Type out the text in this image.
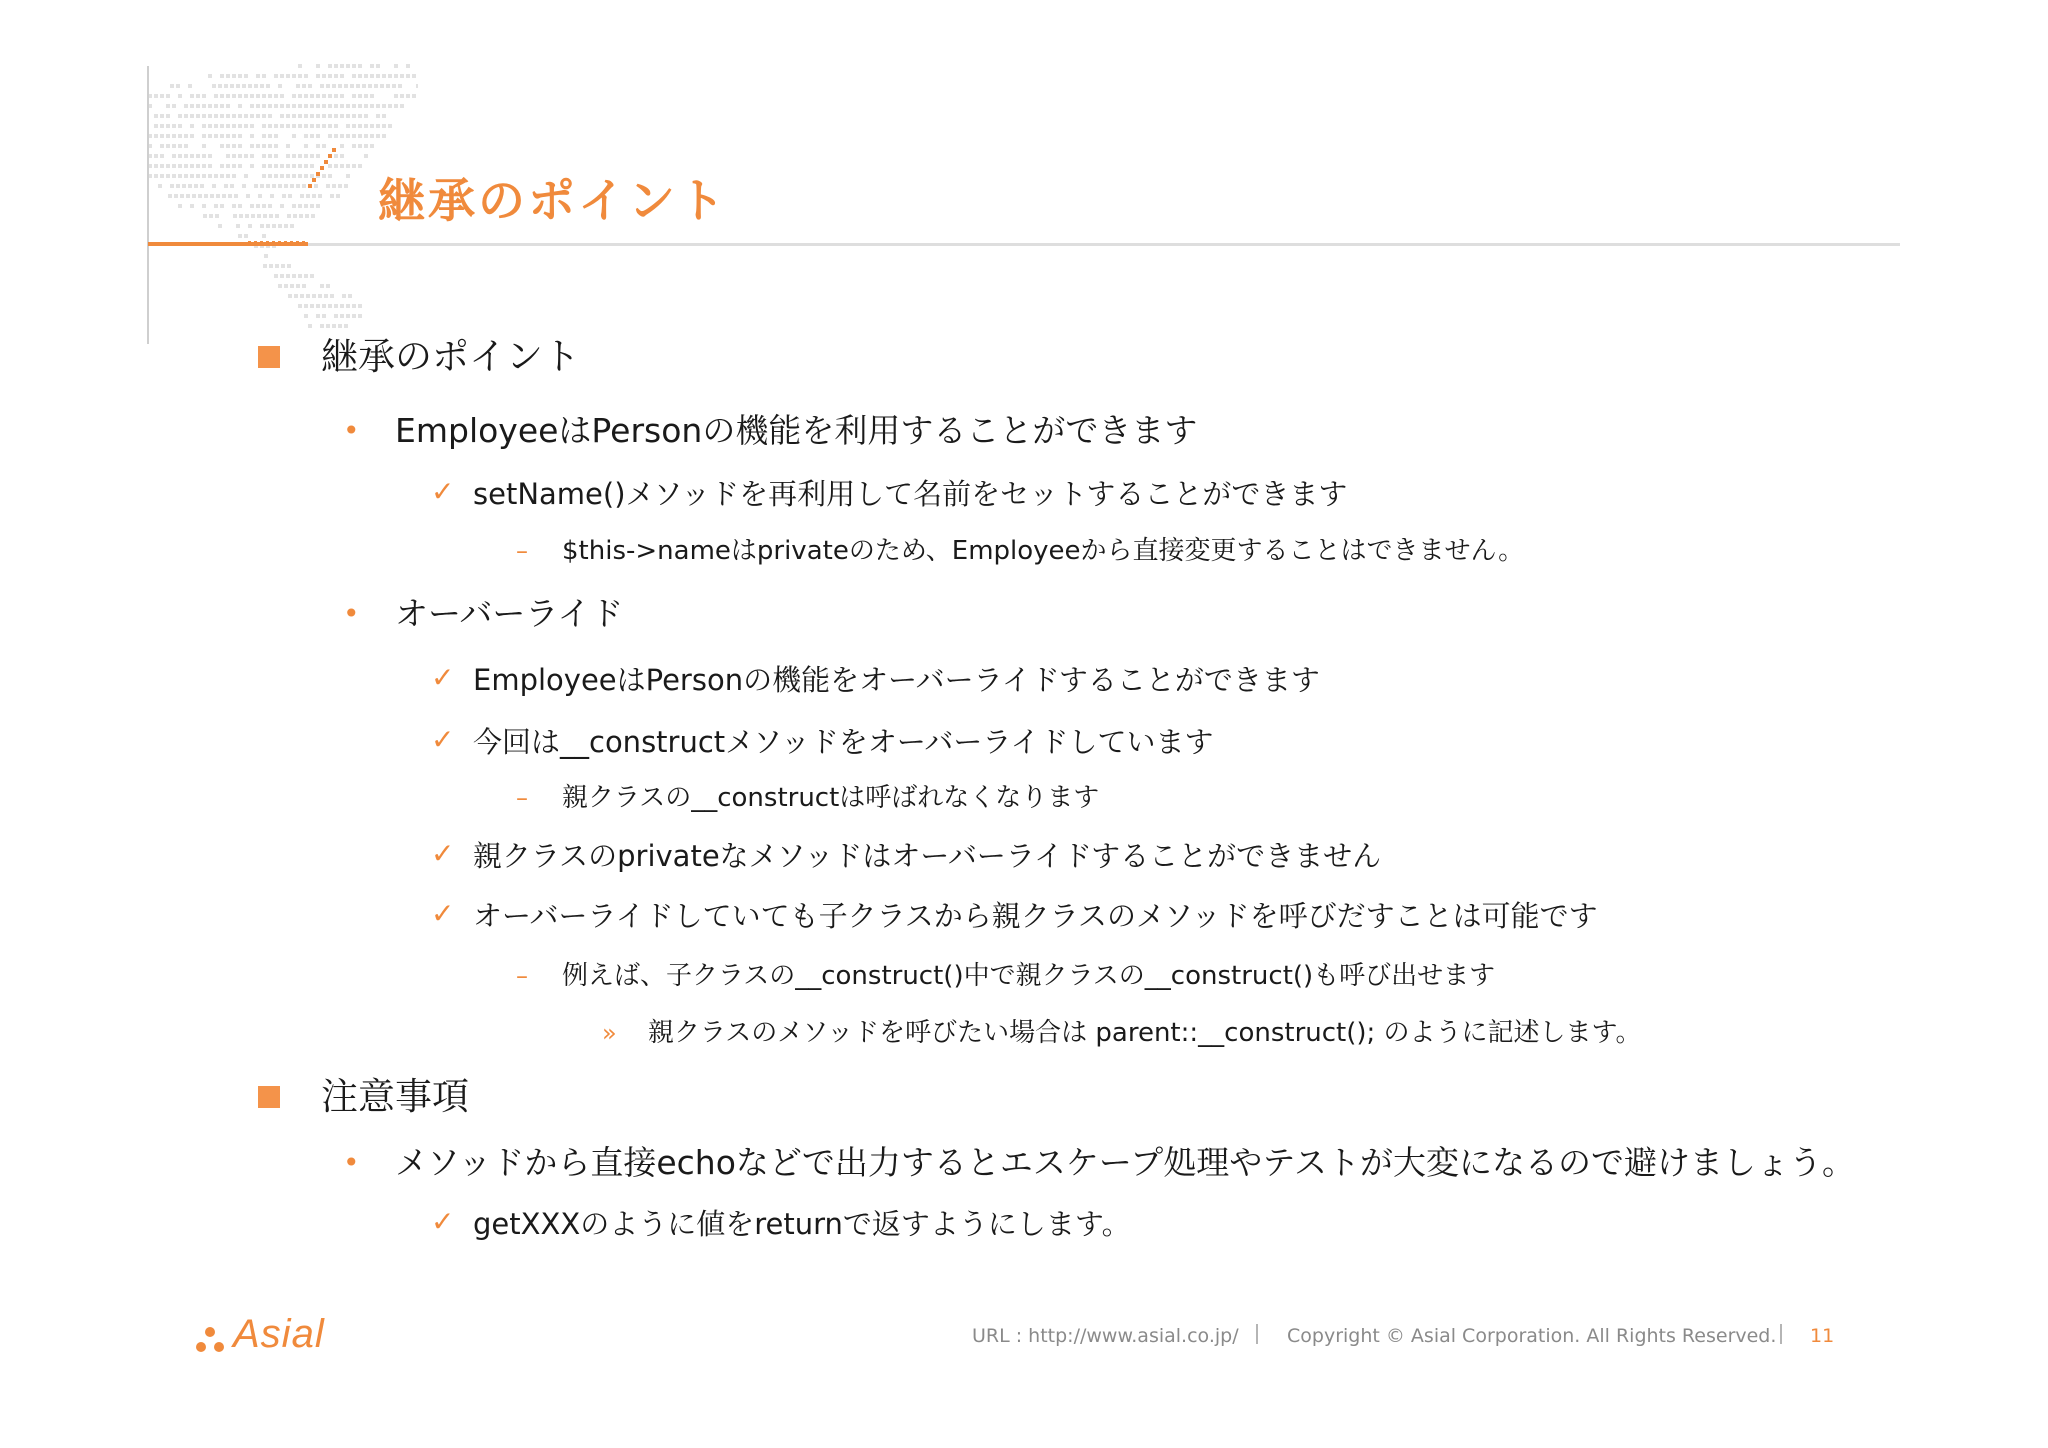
継承のポイント
継承のポイント
• EmployeeはPersonの機能を利用することができます
✓ setName()メソッドを再利用して名前をセットすることができます
– $this->nameはprivateのため、Employeeから直接変更することはできません。
• オーバーライド
✓ EmployeeはPersonの機能をオーバーライドすることができます
✓ 今回は__constructメソッドをオーバーライドしています
– 親クラスの__constructは呼ばれなくなります
✓ 親クラスのprivateなメソッドはオーバーライドすることができません
✓ オーバーライドしていても子クラスから親クラスのメソッドを呼びだすことは可能です
– 例えば、子クラスの__construct()中で親クラスの__construct()も呼び出せます
» 親クラスのメソッドを呼びたい場合は parent::__construct(); のように記述します。
注意事項
• メソッドから直接echoなどで出力するとエスケープ処理やテストが大変になるので避けましょう。
✓ getXXXのように値をreturnで返すようにします。
Asial	URL : http://www.asial.co.jp/	Copyright © Asial Corporation. All Rights Reserved. 11
